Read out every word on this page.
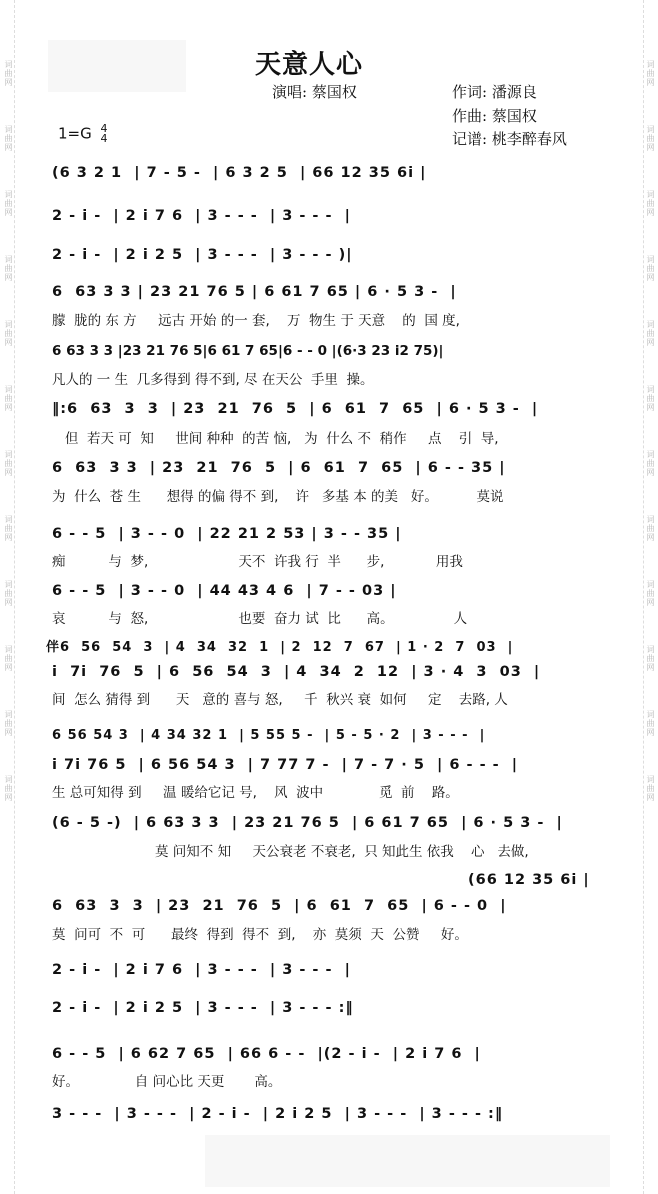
词曲网
词曲网
词曲网
词曲网
词曲网
词曲网
词曲网
词曲网
词曲网
词曲网
词曲网
词曲网
词曲网
词曲网
词曲网
词曲网
词曲网
词曲网
词曲网
词曲网
词曲网
词曲网
词曲网
词曲网
天意人心
演唱: 蔡国权	作词: 潘源良
作曲: 蔡国权
记谱: 桃李醉春风
1=G 4
4
(6 3 2 1  | 7 - 5 -  | 6 3 2 5  | 66 12 35 6i |
2 - i -  | 2 i 7 6  | 3 - - -  | 3 - - -  |
2 - i -  | 2 i 2 5  | 3 - - -  | 3 - - - )|
6  63 3 3 | 23 21 76 5 | 6 61 7 65 | 6 · 5 3 -  |
朦  胧的 东 方     远古 开始 的一 套,    万  物生 于 天意    的  国 度,
6 63 3 3 |23 21 76 5|6 61 7 65|6 - - 0 |(6·3 23 i2 75)|
凡人的 一 生  几多得到 得不到, 尽 在天公  手里  操。
‖:6  63  3  3  | 23  21  76  5  | 6  61  7  65  | 6 · 5 3 -  |
但  若天 可  知     世间 种种  的苦 恼,   为  什么 不  稍作     点    引  导,
6  63  3 3  | 23  21  76  5  | 6  61  7  65  | 6 - - 35 |
为  什么  苍 生      想得 的偏 得不 到,    许   多基 本 的美   好。         莫说
6 - - 5  | 3 - - 0  | 22 21 2 53 | 3 - - 35 |
痴          与  梦,                     天不  许我 行  半      步,            用我
6 - - 5  | 3 - - 0  | 44 43 4 6  | 7 - - 03 |
哀          与  怒,                     也要  奋力 试  比      高。              人
伴6  56  54  3  | 4  34  32  1  | 2  12  7  67  | 1 · 2  7  03  |
i  7i  76  5  | 6  56  54  3  | 4  34  2  12  | 3 · 4  3  03  |
间  怎么 猜得 到      天   意的 喜与 怒,     千  秋兴 衰  如何     定    去路, 人
6 56 54 3  | 4 34 32 1  | 5 55 5 -  | 5 - 5 · 2  | 3 - - -  |
i 7i 76 5  | 6 56 54 3  | 7 77 7 -  | 7 - 7 · 5  | 6 - - -  |
生 总可知得 到     温 暖给它记 号,    风  波中             觅  前    路。
(6 - 5 -)  | 6 63 3 3  | 23 21 76 5  | 6 61 7 65  | 6 · 5 3 -  |
莫 问知不 知     天公衰老 不衰老,  只 知此生 依我    心   去做,
(66 12 35 6i |
6  63  3  3  | 23  21  76  5  | 6  61  7  65  | 6 - - 0  |
莫  问可  不  可      最终  得到  得不  到,    亦  莫须  天  公赞     好。
2 - i -  | 2 i 7 6  | 3 - - -  | 3 - - -  |
2 - i -  | 2 i 2 5  | 3 - - -  | 3 - - - :‖
6 - - 5  | 6 62 7 65  | 66 6 - -  |(2 - i -  | 2 i 7 6  |
好。             自 问心比 天更       高。
3 - - -  | 3 - - -  | 2 - i -  | 2 i 2 5  | 3 - - -  | 3 - - - :‖
